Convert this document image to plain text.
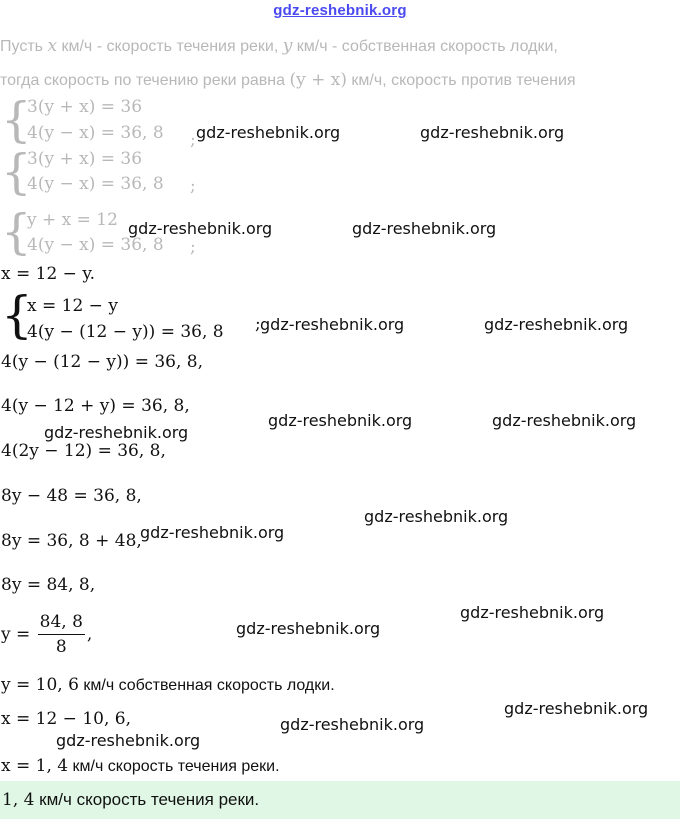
gdz-reshebnik.org
Пусть x км/ч - скорость течения реки, y км/ч - собственная скорость лодки,
тогда скорость по течению реки равна (y + x) км/ч, скорость против течения
{
3(y + x) = 36
4(y − x) = 36, 8 ;
{
3(y + x) = 36
4(y − x) = 36, 8 ;
{
y + x = 12
4(y − x) = 36, 8 ;
x = 12 − y.
{
x = 12 − y
4(y − (12 − y)) = 36, 8 ;
4(y − (12 − y)) = 36, 8,
4(y − 12 + y) = 36, 8,
4(2y − 12) = 36, 8,
8y − 48 = 36, 8,
8y = 36, 8 + 48,
8y = 84, 8,
$y = \frac{84, 8}{8}$ ,
y = 10, 6 км/ч собственная скорость лодки.
x = 12 − 10, 6,
x = 1, 4 км/ч скорость течения реки.
1, 4 км/ч скорость течения реки.
gdz-reshebnik.org	gdz-reshebnik.org
gdz-reshebnik.org	gdz-reshebnik.org
gdz-reshebnik.org	gdz-reshebnik.org
gdz-reshebnik.org	gdz-reshebnik.org
gdz-reshebnik.org
gdz-reshebnik.org
gdz-reshebnik.org
gdz-reshebnik.org
gdz-reshebnik.org
gdz-reshebnik.org
gdz-reshebnik.org
gdz-reshebnik.org
